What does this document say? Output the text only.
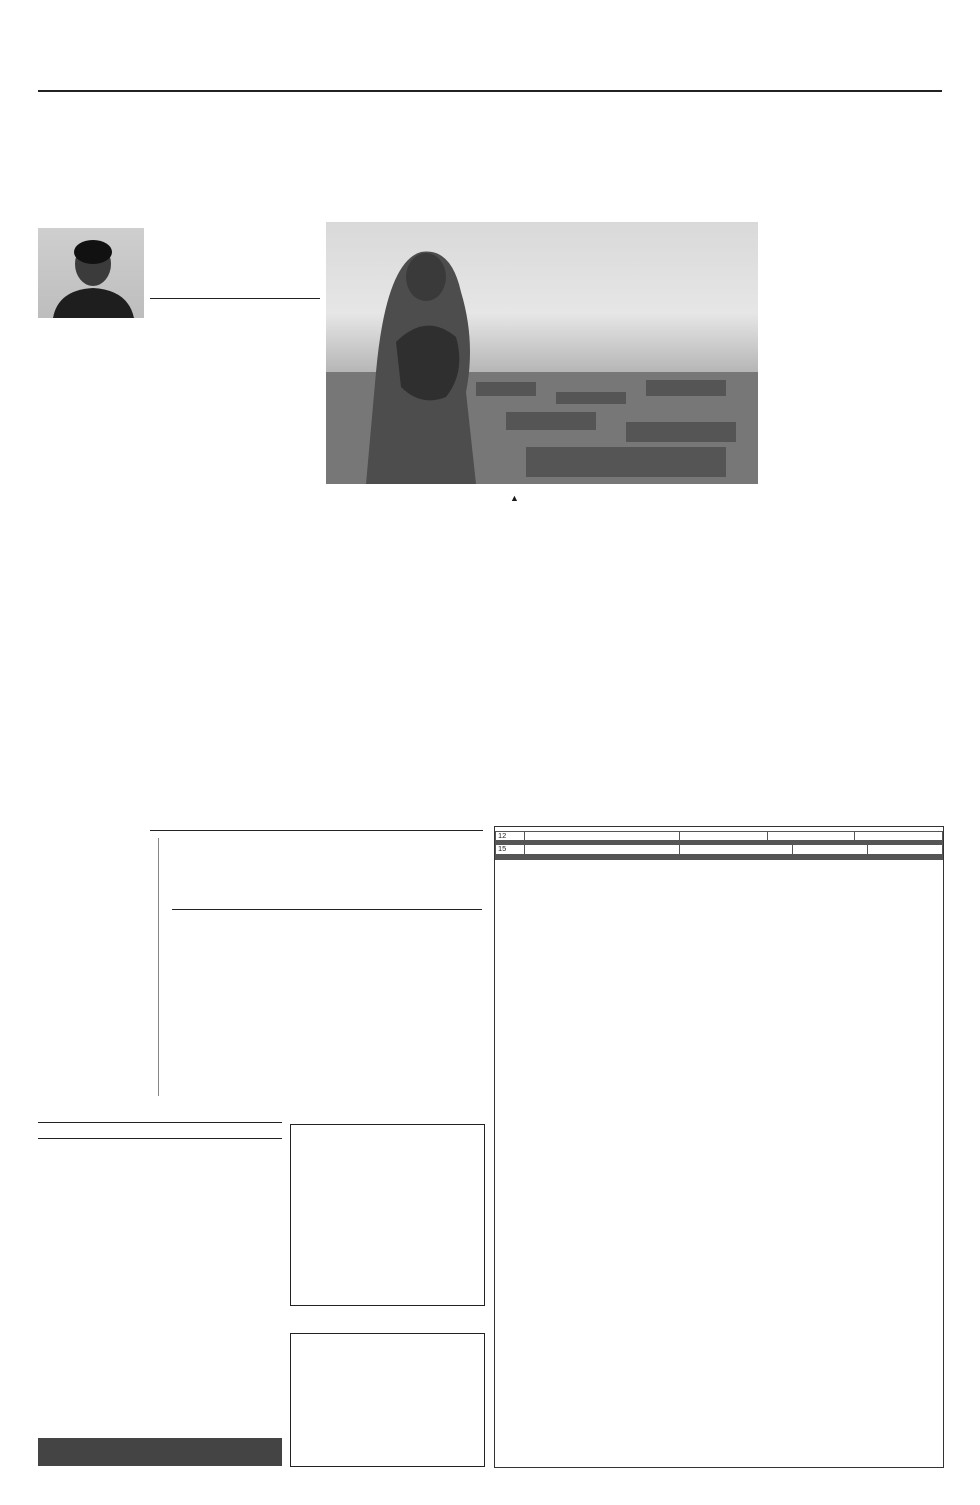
▲

12				

15				
